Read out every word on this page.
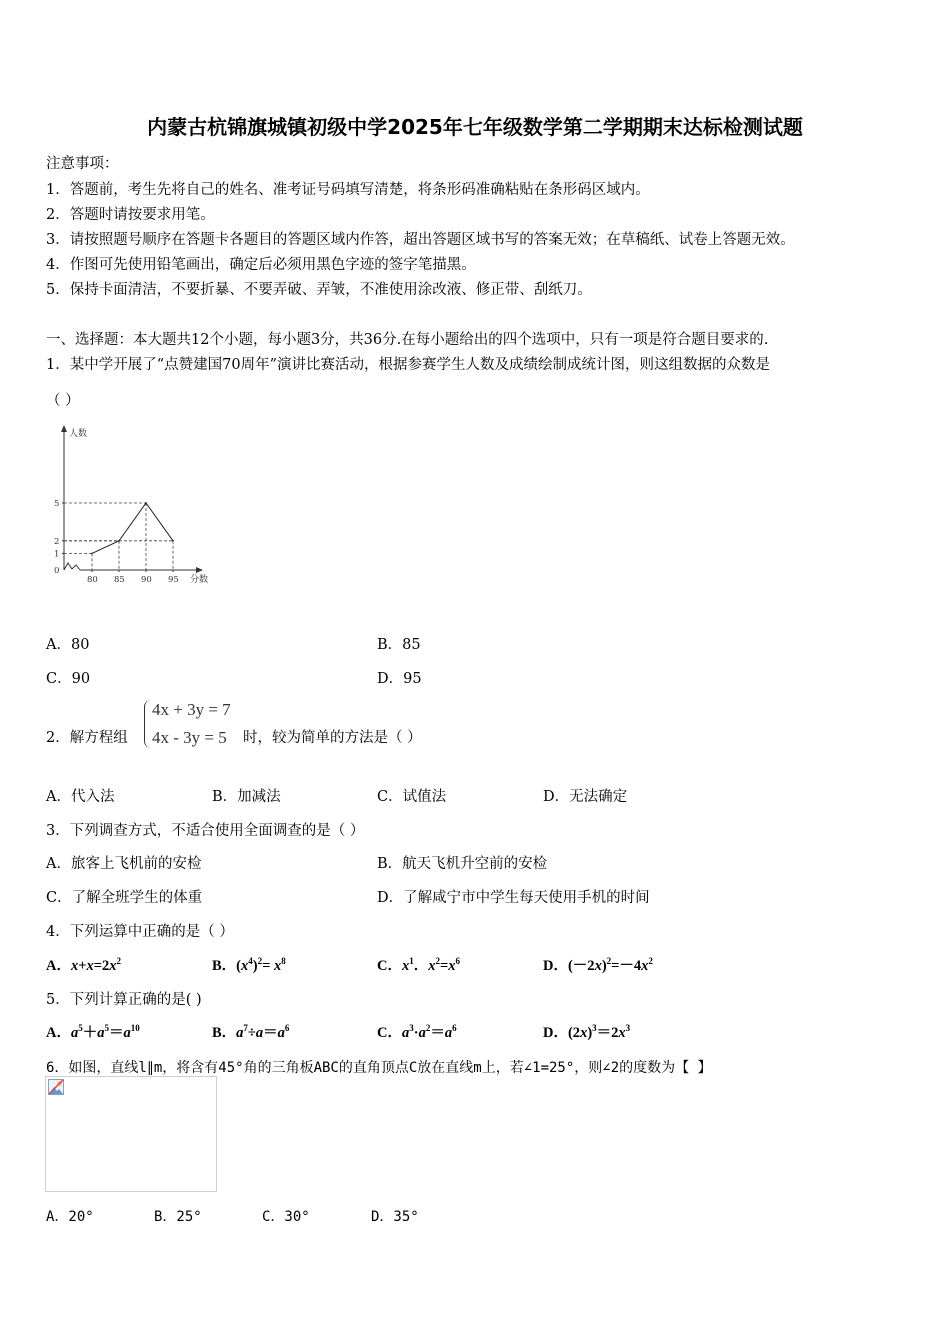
内蒙古杭锦旗城镇初级中学2025年七年级数学第二学期期末达标检测试题
注意事项：
1．答题前，考生先将自己的姓名、准考证号码填写清楚，将条形码准确粘贴在条形码区域内。
2．答题时请按要求用笔。
3．请按照题号顺序在答题卡各题目的答题区域内作答，超出答题区域书写的答案无效；在草稿纸、试卷上答题无效。
4．作图可先使用铅笔画出，确定后必须用黑色字迹的签字笔描黑。
5．保持卡面清洁，不要折暴、不要弄破、弄皱，不准使用涂改液、修正带、刮纸刀。
一、选择题：本大题共12个小题，每小题3分，共36分.在每小题给出的四个选项中，只有一项是符合题目要求的.
1．某中学开展了“点赞建国70周年”演讲比赛活动，根据参赛学生人数及成绩绘制成统计图，则这组数据的众数是
（ ）
人数
分数
0
1
2
5
80 85 90 95
A．80	B．85
C．90	D．95
2．解方程组
4x + 3y = 7
4x - 3y = 5 时，较为简单的方法是（ ）
A．代入法	B．加减法	C．试值法	D．无法确定
3．下列调查方式，不适合使用全面调查的是（ ）
A．旅客上飞机前的安检	B．航天飞机升空前的安检
C．了解全班学生的体重	D．了解咸宁市中学生每天使用手机的时间
4．下列运算中正确的是（ ）
A．$x+x=2x^2$	B．$(x^4)^2= x^8$	C．$x^1$．$x^2=x^6$	D．$(-2x)^2=-4x^2$
5．下列计算正确的是( )
A．$a^5+a^5=a^{10}$	B．$a^7\div a=a^6$	C．$a^3\cdot a^2=a^6$	D．$(2x)^3=2x^3$
6．如图，直线l∥m，将含有45°角的三角板ABC的直角顶点C放在直线m上，若∠1=25°，则∠2的度数为【 】
A．20°	B．25°	C．30°	D．35°
